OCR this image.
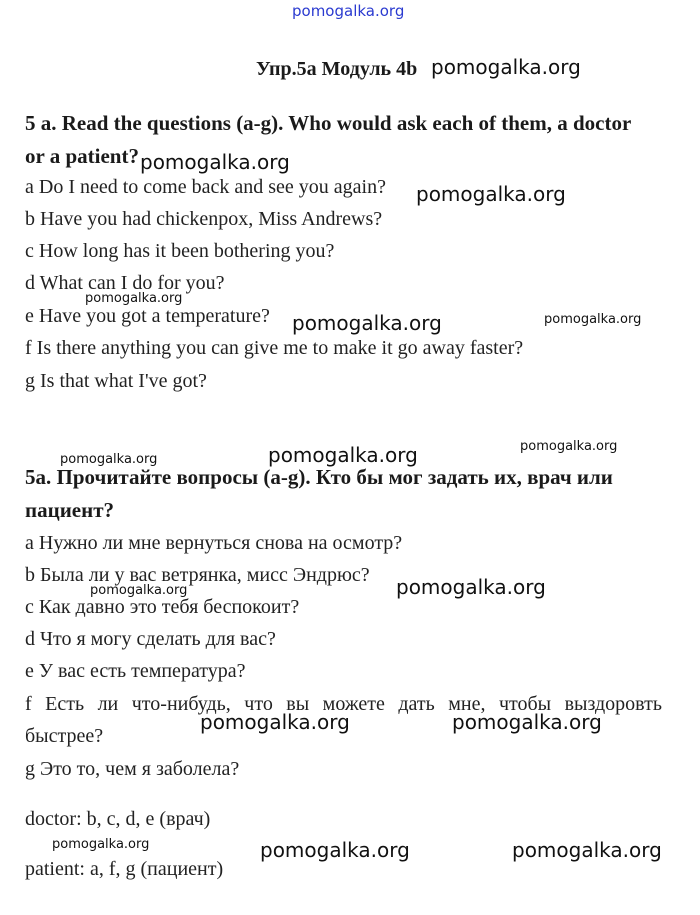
pomogalka.org
Упр.5a Модуль 4b pomogalka.org
5 a. Read the questions (a-g). Who would ask each of them, a doctor
or a patient? pomogalka.org
a Do I need to come back and see you again? pomogalka.org
b Have you had chickenpox, Miss Andrews?
c How long has it been bothering you?
d What can I do for you?
pomogalka.org
e Have you got a temperature? pomogalka.org	pomogalka.org
f Is there anything you can give me to make it go away faster?
g Is that what I've got?
pomogalka.org	pomogalka.org	pomogalka.org
5a. Прочитайте вопросы (a-g). Кто бы мог задать их, врач или
пациент?
а Нужно ли мне вернуться снова на осмотр?
b Была ли у вас ветрянка, мисс Эндрюс? pomogalka.org
pomogalka.org
с Как давно это тебя беспокоит?
d Что я могу сделать для вас?
е У вас есть температура?
f Есть ли что-нибудь, что вы можете дать мне, чтобы выздоровть
pomogalka.org	pomogalka.org
быстрее?
g Это то, чем я заболела?
doctor: b, c, d, e (врач)
pomogalka.org	pomogalka.org	pomogalka.org
patient: a, f, g (пациент)
